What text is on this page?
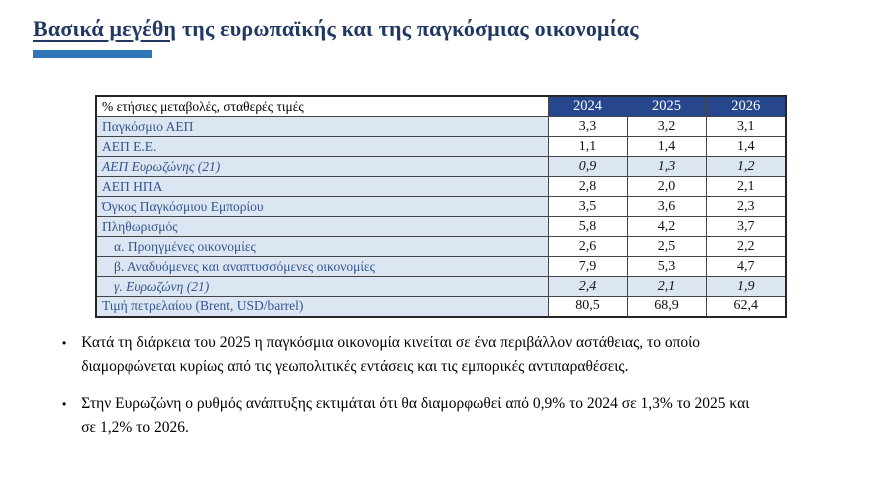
Βασικά μεγέθη της ευρωπαϊκής και της παγκόσμιας οικονομίας
% ετήσιες μεταβολές, σταθερές τιμές	2024	2025	2026
Παγκόσμιο ΑΕΠ	3,3	3,2	3,1
ΑΕΠ Ε.Ε.	1,1	1,4	1,4
ΑΕΠ Ευρωζώνης (21)	0,9	1,3	1,2
ΑΕΠ ΗΠΑ	2,8	2,0	2,1
Όγκος Παγκόσμιου Εμπορίου	3,5	3,6	2,3
Πληθωρισμός	5,8	4,2	3,7
α. Προηγμένες οικονομίες	2,6	2,5	2,2
β. Αναδυόμενες και αναπτυσσόμενες οικονομίες	7,9	5,3	4,7
γ. Ευρωζώνη (21)	2,4	2,1	1,9
Τιμή πετρελαίου (Brent, USD/barrel)	80,5	68,9	62,4
• Κατά τη διάρκεια του 2025 η παγκόσμια οικονομία κινείται σε ένα περιβάλλον αστάθειας, το οποίο διαμορφώνεται κυρίως από τις γεωπολιτικές εντάσεις και τις εμπορικές αντιπαραθέσεις.
• Στην Ευρωζώνη ο ρυθμός ανάπτυξης εκτιμάται ότι θα διαμορφωθεί από 0,9% το 2024 σε 1,3% το 2025 και σε 1,2% το 2026.
